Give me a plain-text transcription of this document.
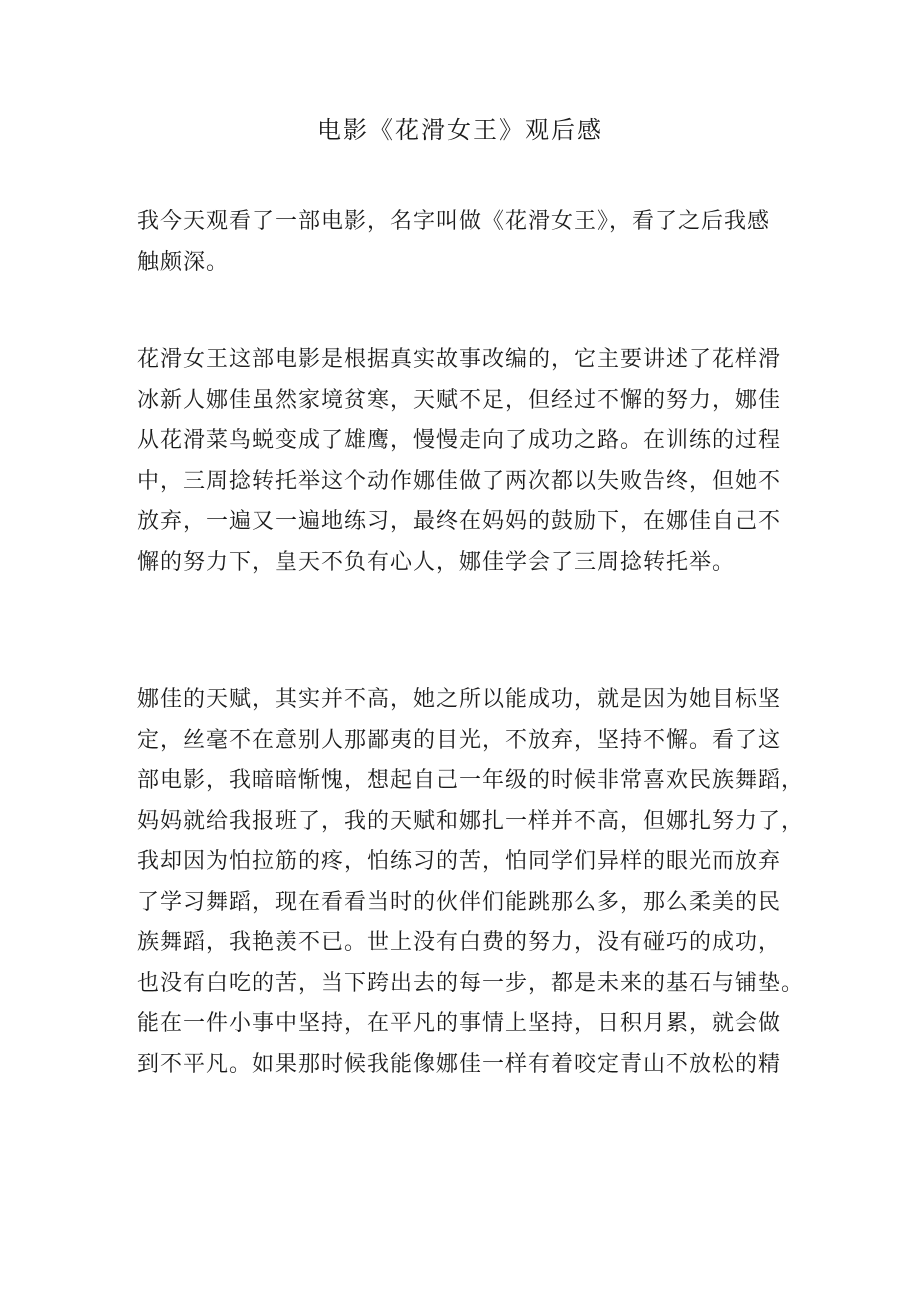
电影《花滑女王》观后感
我今天观看了一部电影，名字叫做《花滑女王》，看了之后我感
触颇深。
花滑女王这部电影是根据真实故事改编的，它主要讲述了花样滑
冰新人娜佳虽然家境贫寒，天赋不足，但经过不懈的努力，娜佳
从花滑菜鸟蜕变成了雄鹰，慢慢走向了成功之路。在训练的过程
中，三周捻转托举这个动作娜佳做了两次都以失败告终，但她不
放弃，一遍又一遍地练习，最终在妈妈的鼓励下，在娜佳自己不
懈的努力下，皇天不负有心人，娜佳学会了三周捻转托举。
娜佳的天赋，其实并不高，她之所以能成功，就是因为她目标坚
定，丝毫不在意别人那鄙夷的目光，不放弃，坚持不懈。看了这
部电影，我暗暗惭愧，想起自己一年级的时候非常喜欢民族舞蹈，
妈妈就给我报班了，我的天赋和娜扎一样并不高，但娜扎努力了，
我却因为怕拉筋的疼，怕练习的苦，怕同学们异样的眼光而放弃
了学习舞蹈，现在看看当时的伙伴们能跳那么多，那么柔美的民
族舞蹈，我艳羡不已。世上没有白费的努力，没有碰巧的成功，
也没有白吃的苦，当下跨出去的每一步，都是未来的基石与铺垫。
能在一件小事中坚持，在平凡的事情上坚持，日积月累，就会做
到不平凡。如果那时候我能像娜佳一样有着咬定青山不放松的精
